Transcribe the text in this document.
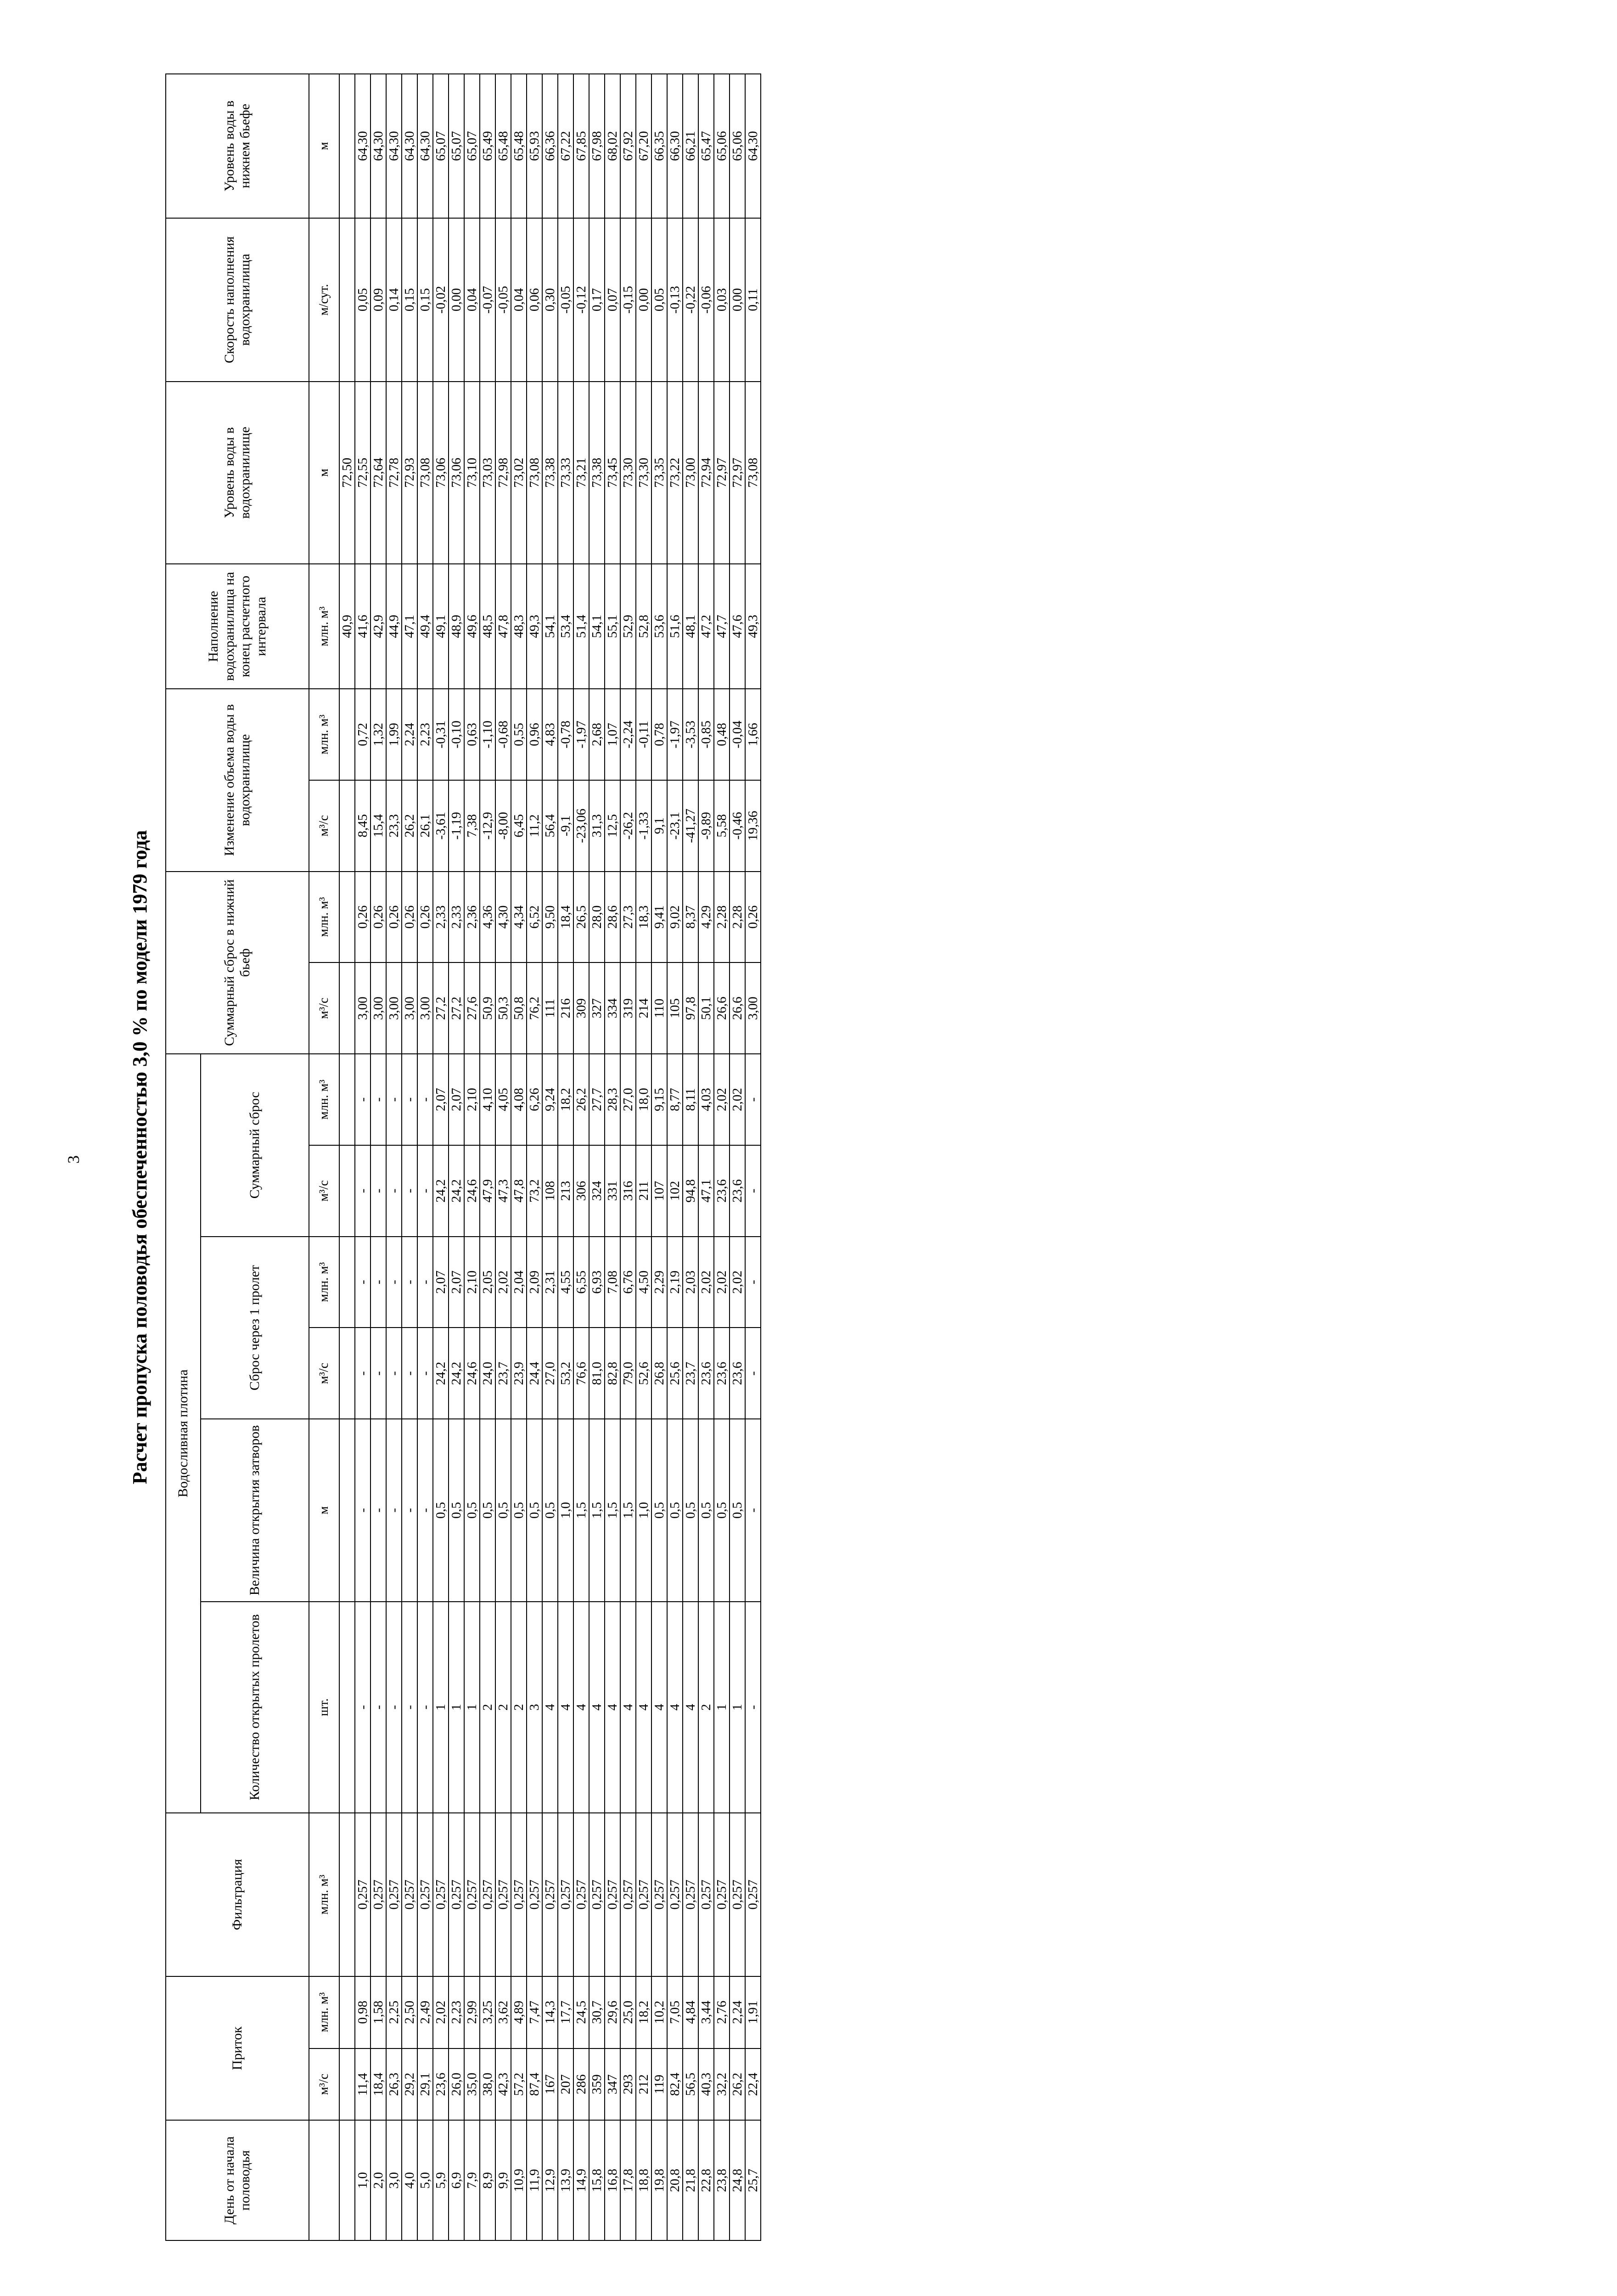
3	Расчет пропуска половодья обеспеченностью 3,0 % по модели 1979 года
День от начала половодья	Приток		Фильтрация	Водосливная плотина						Суммарный сброс в нижний бьеф		Изменение объема воды в водохранилище		Наполнение водохранилища на конец расчетного интервала	Уровень воды в водохранилище	Скорость наполнения водохранилища	Уровень воды в нижнем бьефе
				Количество открытых пролетов	Величина открытия затворов	Сброс через 1 пролет		Суммарный сброс									
	м³/с	млн. м³	млн. м³	шт.	м	м³/с	млн. м³	м³/с	млн. м³	м³/с	млн. м³	м³/с	млн. м³	млн. м³	м	м/сут.	м
														40,9	72,50		
1,0	11,4	0,98	0,257	-	-	-	-	-	-	3,00	0,26	8,45	0,72	41,6	72,55	0,05	64,30
2,0	18,4	1,58	0,257	-	-	-	-	-	-	3,00	0,26	15,4	1,32	42,9	72,64	0,09	64,30
3,0	26,3	2,25	0,257	-	-	-	-	-	-	3,00	0,26	23,3	1,99	44,9	72,78	0,14	64,30
4,0	29,2	2,50	0,257	-	-	-	-	-	-	3,00	0,26	26,2	2,24	47,1	72,93	0,15	64,30
5,0	29,1	2,49	0,257	-	-	-	-	-	-	3,00	0,26	26,1	2,23	49,4	73,08	0,15	64,30
5,9	23,6	2,02	0,257	1	0,5	24,2	2,07	24,2	2,07	27,2	2,33	-3,61	-0,31	49,1	73,06	-0,02	65,07
6,9	26,0	2,23	0,257	1	0,5	24,2	2,07	24,2	2,07	27,2	2,33	-1,19	-0,10	48,9	73,06	0,00	65,07
7,9	35,0	2,99	0,257	1	0,5	24,6	2,10	24,6	2,10	27,6	2,36	7,38	0,63	49,6	73,10	0,04	65,07
8,9	38,0	3,25	0,257	2	0,5	24,0	2,05	47,9	4,10	50,9	4,36	-12,9	-1,10	48,5	73,03	-0,07	65,49
9,9	42,3	3,62	0,257	2	0,5	23,7	2,02	47,3	4,05	50,3	4,30	-8,00	-0,68	47,8	72,98	-0,05	65,48
10,9	57,2	4,89	0,257	2	0,5	23,9	2,04	47,8	4,08	50,8	4,34	6,45	0,55	48,3	73,02	0,04	65,48
11,9	87,4	7,47	0,257	3	0,5	24,4	2,09	73,2	6,26	76,2	6,52	11,2	0,96	49,3	73,08	0,06	65,93
12,9	167	14,3	0,257	4	0,5	27,0	2,31	108	9,24	111	9,50	56,4	4,83	54,1	73,38	0,30	66,36
13,9	207	17,7	0,257	4	1,0	53,2	4,55	213	18,2	216	18,4	-9,1	-0,78	53,4	73,33	-0,05	67,22
14,9	286	24,5	0,257	4	1,5	76,6	6,55	306	26,2	309	26,5	-23,06	-1,97	51,4	73,21	-0,12	67,85
15,8	359	30,7	0,257	4	1,5	81,0	6,93	324	27,7	327	28,0	31,3	2,68	54,1	73,38	0,17	67,98
16,8	347	29,6	0,257	4	1,5	82,8	7,08	331	28,3	334	28,6	12,5	1,07	55,1	73,45	0,07	68,02
17,8	293	25,0	0,257	4	1,5	79,0	6,76	316	27,0	319	27,3	-26,2	-2,24	52,9	73,30	-0,15	67,92
18,8	212	18,2	0,257	4	1,0	52,6	4,50	211	18,0	214	18,3	-1,33	-0,11	52,8	73,30	0,00	67,20
19,8	119	10,2	0,257	4	0,5	26,8	2,29	107	9,15	110	9,41	9,1	0,78	53,6	73,35	0,05	66,35
20,8	82,4	7,05	0,257	4	0,5	25,6	2,19	102	8,77	105	9,02	-23,1	-1,97	51,6	73,22	-0,13	66,30
21,8	56,5	4,84	0,257	4	0,5	23,7	2,03	94,8	8,11	97,8	8,37	-41,27	-3,53	48,1	73,00	-0,22	66,21
22,8	40,3	3,44	0,257	2	0,5	23,6	2,02	47,1	4,03	50,1	4,29	-9,89	-0,85	47,2	72,94	-0,06	65,47
23,8	32,2	2,76	0,257	1	0,5	23,6	2,02	23,6	2,02	26,6	2,28	5,58	0,48	47,7	72,97	0,03	65,06
24,8	26,2	2,24	0,257	1	0,5	23,6	2,02	23,6	2,02	26,6	2,28	-0,46	-0,04	47,6	72,97	0,00	65,06
25,7	22,4	1,91	0,257	-	-	-	-	-	-	3,00	0,26	19,36	1,66	49,3	73,08	0,11	64,30
